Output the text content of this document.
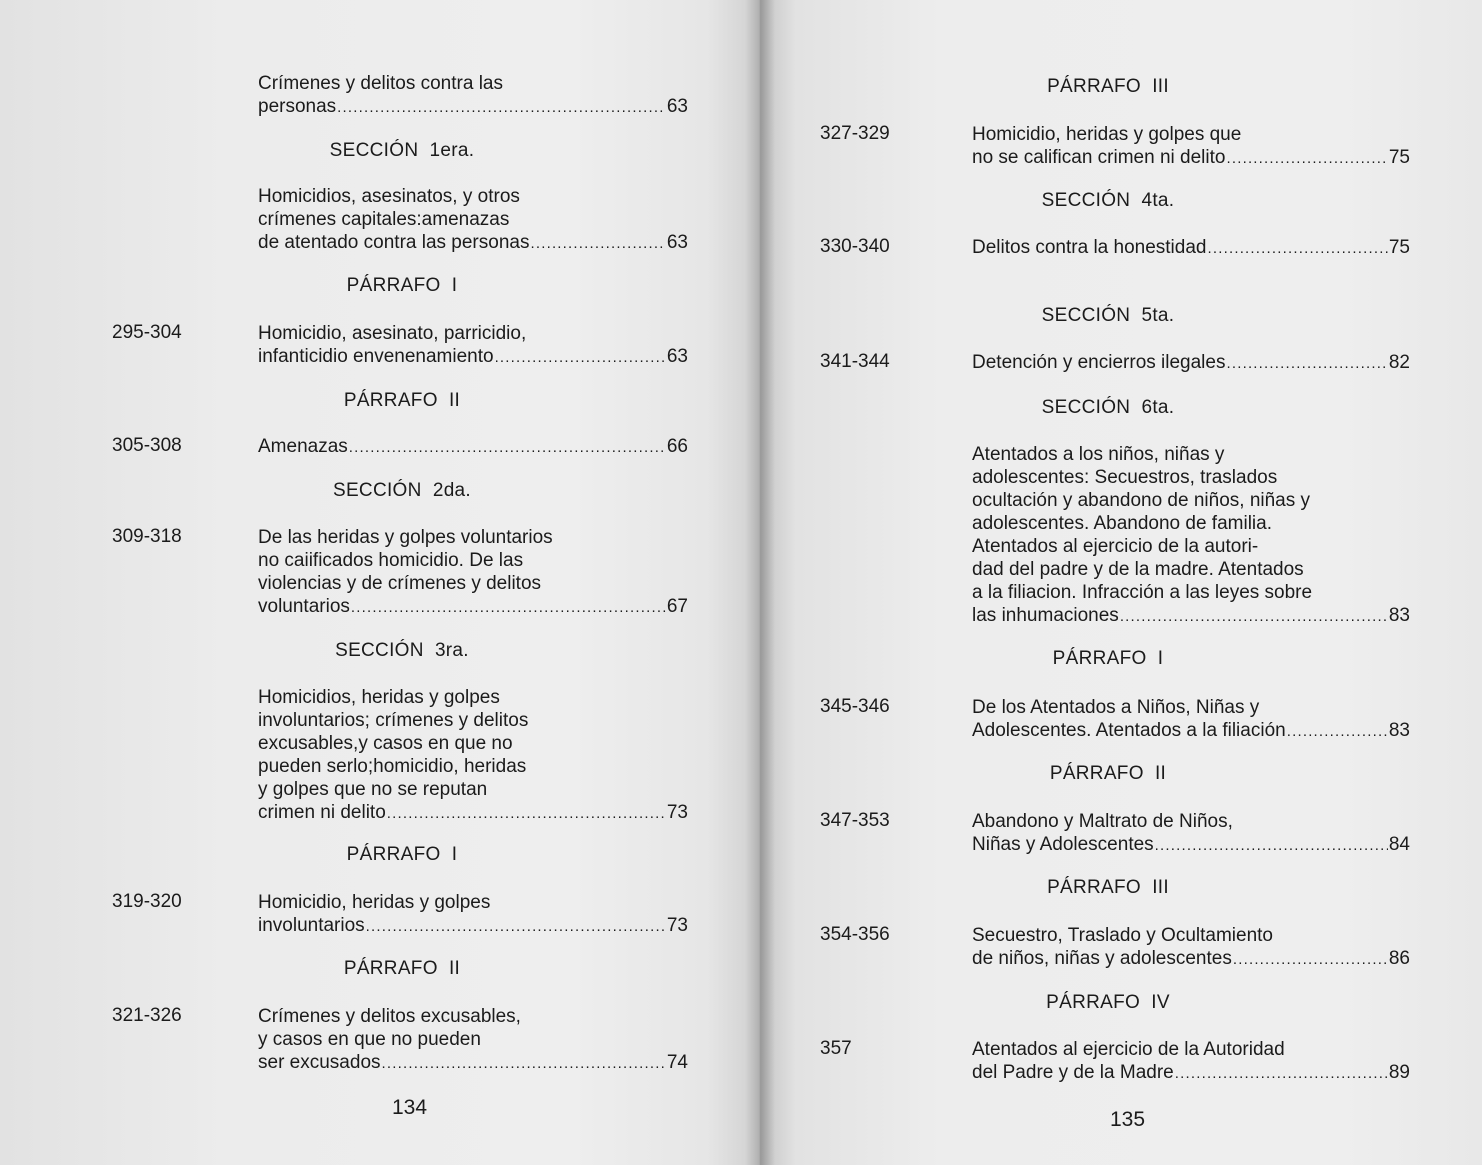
Crímenes y delitos contra las
personas .....	63
SECCIÓN 1era.
Homicidios, asesinatos, y otros
crímenes capitales:amenazas
de atentado contra las personas .....	63
PÁRRAFO I
295-304	Homicidio, asesinato, parricidio,
infanticidio envenenamiento .....	63
PÁRRAFO II
305-308	Amenazas .....	66
SECCIÓN 2da.
309-318	De las heridas y golpes voluntarios
no caiificados homicidio. De las
violencias y de crímenes y delitos
voluntarios .....	67
SECCIÓN 3ra.
Homicidios, heridas y golpes
involuntarios; crímenes y delitos
excusables,y casos en que no
pueden serlo;homicidio, heridas
y golpes que no se reputan
crimen ni delito .....	73
PÁRRAFO I
319-320	Homicidio, heridas y golpes
involuntarios .....	73
PÁRRAFO II
321-326	Crímenes y delitos excusables,
y casos en que no pueden
ser excusados .....	74
134
PÁRRAFO III
327-329	Homicidio, heridas y golpes que
no se califican crimen ni delito .....	75
SECCIÓN 4ta.
330-340	Delitos contra la honestidad .....	75
SECCIÓN 5ta.
341-344	Detención y encierros ilegales .....	82
SECCIÓN 6ta.
Atentados a los niños, niñas y
adolescentes: Secuestros, traslados
ocultación y abandono de niños, niñas y
adolescentes. Abandono de familia.
Atentados al ejercicio de la autori-
dad del padre y de la madre. Atentados
a la filiacion. Infracción a las leyes sobre
las inhumaciones .....	83
PÁRRAFO I
345-346	De los Atentados a Niños, Niñas y
Adolescentes. Atentados a la filiación .....	83
PÁRRAFO II
347-353	Abandono y Maltrato de Niños,
Niñas y Adolescentes .....	84
PÁRRAFO III
354-356	Secuestro, Traslado y Ocultamiento
de niños, niñas y adolescentes .....	86
PÁRRAFO IV
357	Atentados al ejercicio de la Autoridad
del Padre y de la Madre .....	89
135
